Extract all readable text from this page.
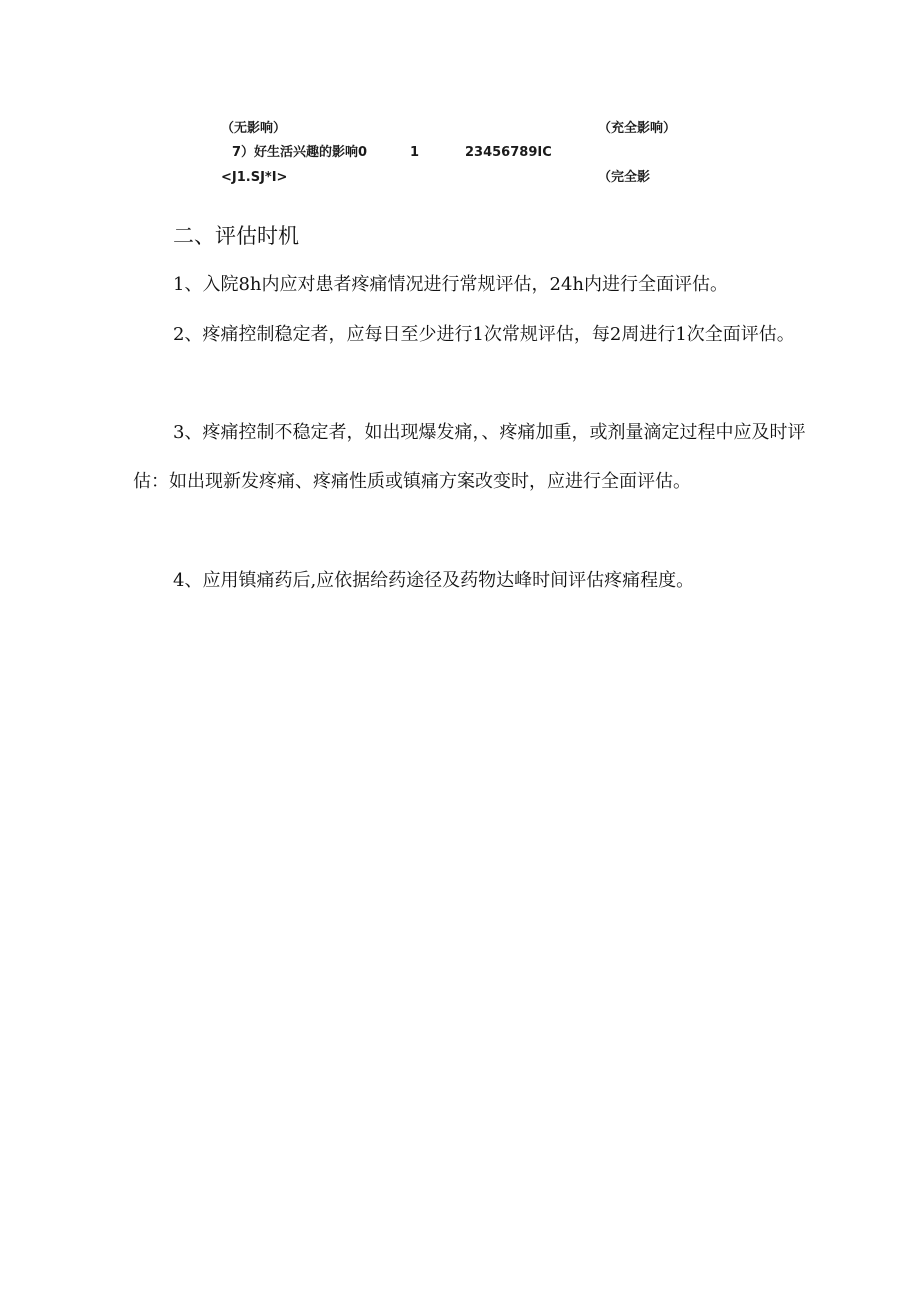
（无影响）	（充全影响）
7）好生活兴趣的影响0	1	23456789IC
<J1.SJ*I>	（完全影
二、评估时机

1、入院8h内应对患者疼痛情况进行常规评估，24h内进行全面评估。

2、疼痛控制稳定者，应每日至少进行1次常规评估，每2周进行1次全面评估。

3、疼痛控制不稳定者，如出现爆发痛，、疼痛加重，或剂量滴定过程中应及时评估：如出现新发疼痛、疼痛性质或镇痛方案改变时，应进行全面评估。

4、应用镇痛药后,应依据给药途径及药物达峰时间评估疼痛程度。
